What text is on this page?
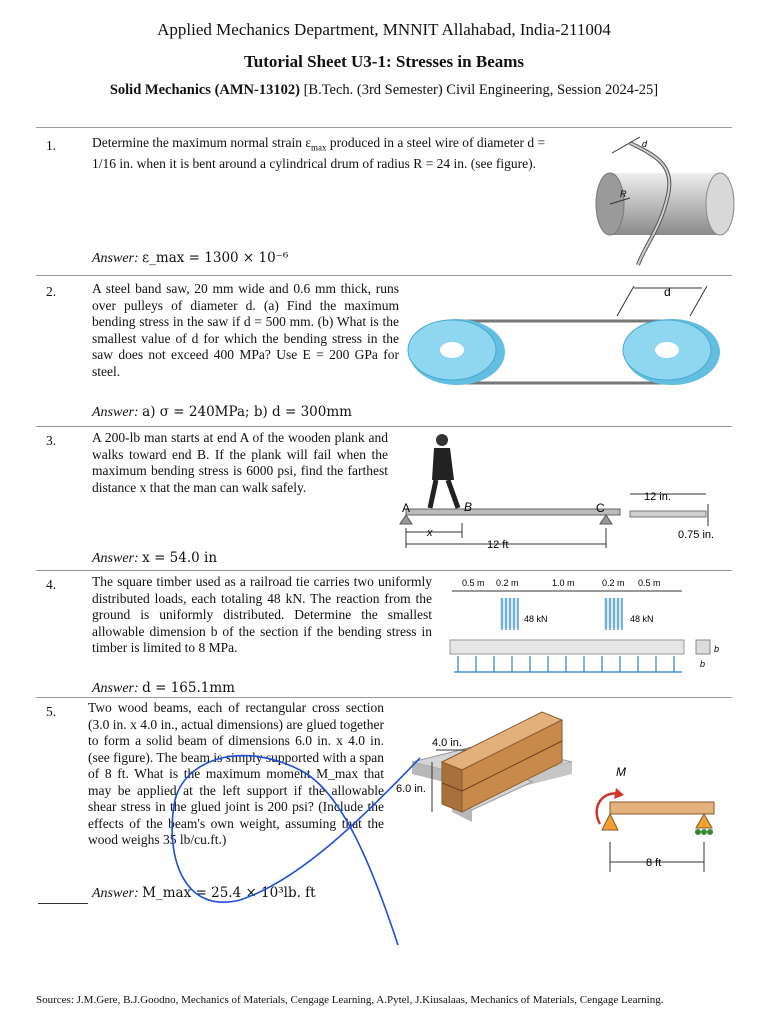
Applied Mechanics Department, MNNIT Allahabad, India-211004
Tutorial Sheet U3-1: Stresses in Beams
Solid Mechanics (AMN-13102) [B.Tech. (3rd Semester) Civil Engineering, Session 2024-25]
1.	Determine the maximum normal strain $\varepsilon_{max}$ produced in a steel wire of diameter d =
1/16 in. when it is bent around a cylindrical drum of radius R = 24 in. (see figure).
Answer: ε_max = 1300 × 10⁻⁶
d
R
2.	A steel band saw, 20 mm wide and 0.6 mm thick, runs over pulleys of diameter d. (a) Find the maximum bending stress in the saw if d = 500 mm. (b) What is the smallest value of d for which the bending stress in the saw does not exceed 400 MPa? Use E = 200 GPa for steel.
Answer: a) σ = 240MPa; b) d = 300mm
d
3.	A 200-lb man starts at end A of the wooden plank and walks toward end B. If the plank will fail when the maximum bending stress is 6000 psi, find the farthest distance x that the man can walk safely.
Answer: x = 54.0 in
A	B	C
x
12 ft
12 in.
0.75 in.
4.	The square timber used as a railroad tie carries two uniformly distributed loads, each totaling 48 kN. The reaction from the ground is uniformly distributed. Determine the smallest allowable dimension b of the section if the bending stress in timber is limited to 8 MPa.
Answer: d = 165.1mm
0.5 m 0.2 m	1.0 m	0.2 m 0.5 m
48 kN	48 kN
b
b
5. Two wood beams, each of rectangular cross section (3.0 in. x 4.0 in., actual dimensions) are glued together to form a solid beam of dimensions 6.0 in. x 4.0 in. (see figure). The beam is simply supported with a span of 8 ft. What is the maximum moment M_max that may be applied at the left support if the allowable shear stress in the glued joint is 200 psi? (Include the effects of the beam's own weight, assuming that the wood weighs 35 lb/cu.ft.)
Answer: M_max = 25.4 × 10³lb. ft
4.0 in.
6.0 in.
M
8 ft
Sources: J.M.Gere, B.J.Goodno, Mechanics of Materials, Cengage Learning, A.Pytel, J.Kiusalaas, Mechanics of Materials, Cengage Learning.
